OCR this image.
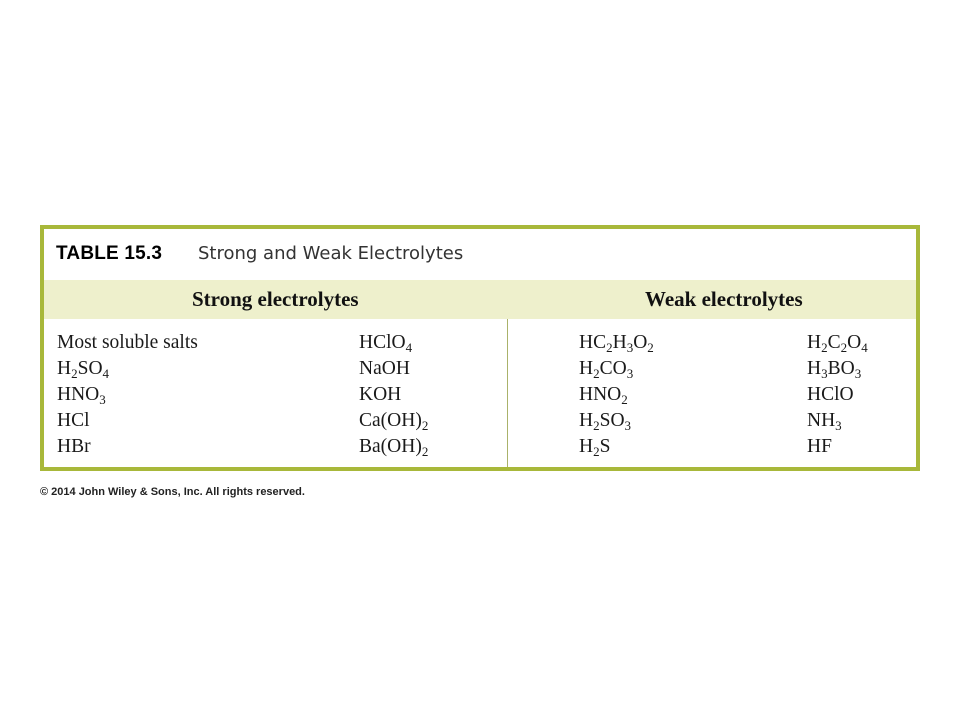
TABLE 15.3 Strong and Weak Electrolytes
Strong electrolytes	Weak electrolytes
Most soluble salts
$H_2SO_4$
$HNO_3$
HCl
HBr
HClO$_4$
NaOH
KOH
$Ca(OH)_2$
$Ba(OH)_2$
$HC_2H_3O_2$
$H_2CO_3$
$HNO_2$
$H_2SO_3$
$H_2S$
$H_2C_2O_4$
$H_3BO_3$
HClO
$NH_3$
HF
© 2014 John Wiley & Sons, Inc. All rights reserved.
